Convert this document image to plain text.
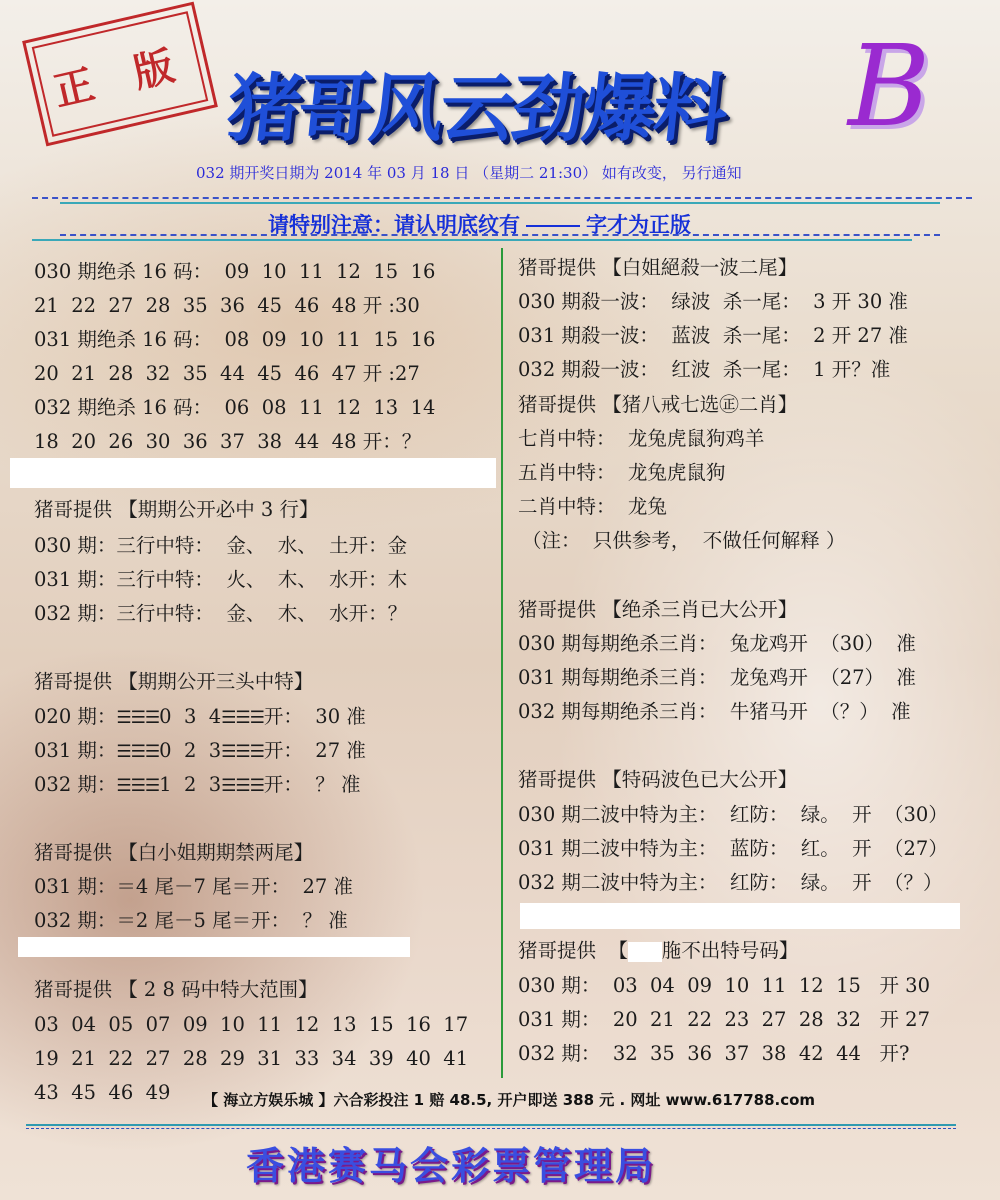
正 版 猪哥风云劲爆料	B
032 期开奖日期为 2014 年 03 月 18 日 （星期二 21:30） 如有改变， 另行通知
请特别注意：请认明底纹有	字才为正版
030 期绝杀 16 码：  09  10  11  12  15  16
21  22  27  28  35  36  45  46  48 开 :30
031 期绝杀 16 码：  08  09  10  11  15  16
20  21  28  32  35  44  45  46  47 开 :27
032 期绝杀 16 码：  06  08  11  12  13  14
18  20  26  30  36  37  38  44  48 开：？
猪哥提供 【期期公开必中 3 行】
030 期：三行中特：  金、  水、  土开：金
031 期：三行中特：  火、  木、  水开：木
032 期：三行中特：  金、  木、  水开：？
猪哥提供 【期期公开三头中特】
020 期：☰☰☰0  3  4☰☰☰开：  30 准
031 期：☰☰☰0  2  3☰☰☰开：  27 准
032 期：☰☰☰1  2  3☰☰☰开：  ？ 准
猪哥提供 【白小姐期期禁两尾】
031 期：＝4 尾－7 尾＝开：  27 准
032 期：＝2 尾－5 尾＝开：  ？ 准
猪哥提供 【 2 8 码中特大范围】
03  04  05  07  09  10  11  12  13  15  16  17
19  21  22  27  28  29  31  33  34  39  40  41
43  45  46  49
猪哥提供 【白姐絕殺一波二尾】
030 期殺一波：  绿波  杀一尾：  3 开 30 准
031 期殺一波：  蓝波  杀一尾：  2 开 27 准
032 期殺一波：  红波  杀一尾：  1 开？准
猪哥提供 【猪八戒七选㊣二肖】
七肖中特：  龙兔虎鼠狗鸡羊
五肖中特：  龙兔虎鼠狗
二肖中特：  龙兔
（注：  只供参考，  不做任何解释 ）
猪哥提供 【绝杀三肖已大公开】
030 期每期绝杀三肖：  兔龙鸡开  （30）  准
031 期每期绝杀三肖：  龙兔鸡开  （27）  准
032 期每期绝杀三肖：  牛猪马开  （？）  准
猪哥提供 【特码波色已大公开】
030 期二波中特为主：  红防：  绿。  开  （30）
031 期二波中特为主：  蓝防：  红。  开  （27）
032 期二波中特为主：  红防：  绿。  开  （？）
猪哥提供  【 胣不出特号码】
030 期：  03  04  09  10  11  12  15   开 30
031 期：  20  21  22  23  27  28  32   开 27
032 期：  32  35  36  37  38  42  44   开?
【 海立方娱乐城 】六合彩投注 1 赔 48.5, 开户即送 388 元 . 网址 www.617788.com
香港赛马会彩票管理局
